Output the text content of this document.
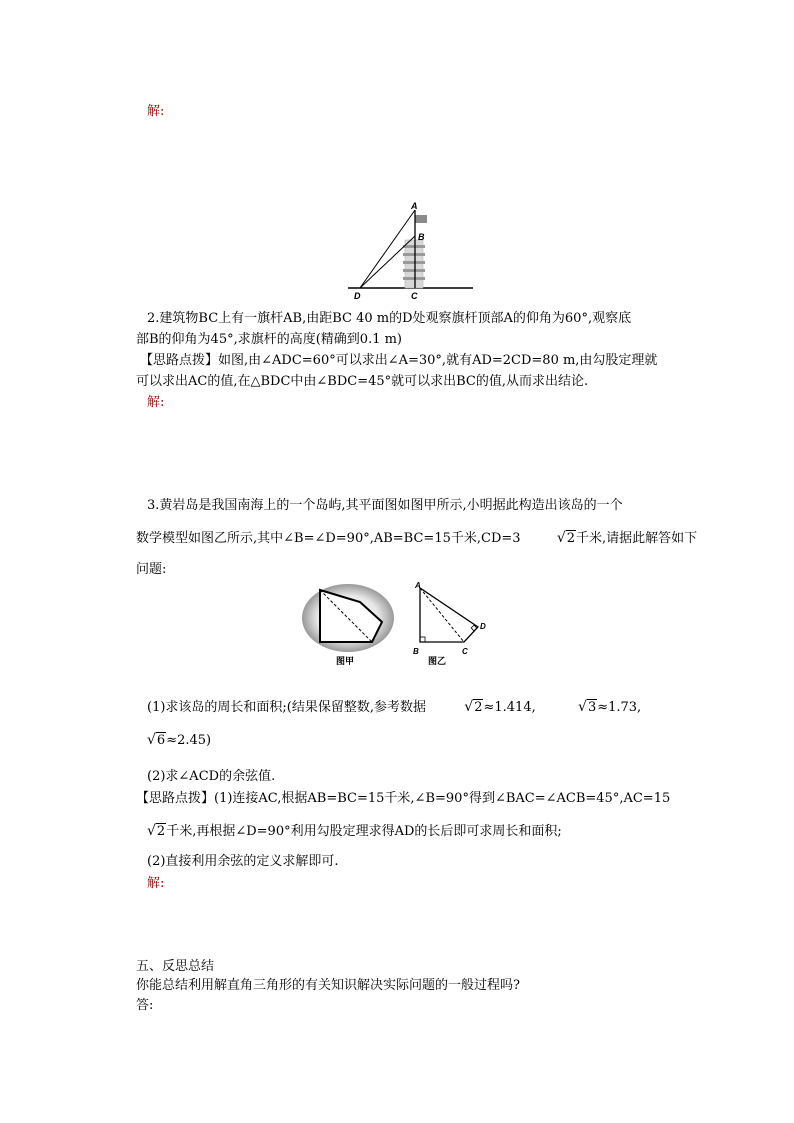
解:
A
B
D	C
2.建筑物BC上有一旗杆AB,由距BC 40 m的D处观察旗杆顶部A的仰角为60°,观察底
部B的仰角为45°,求旗杆的高度(精确到0.1 m)
【思路点拨】如图,由∠ADC=60°可以求出∠A=30°,就有AD=2CD=80 m,由勾股定理就
可以求出AC的值,在△BDC中由∠BDC=45°就可以求出BC的值,从而求出结论.
解:
3.黄岩岛是我国南海上的一个岛屿,其平面图如图甲所示,小明据此构造出该岛的一个
数学模型如图乙所示,其中∠B=∠D=90°,AB=BC=15千米,CD=3	√2千米,请据此解答如下
问题:
图甲
A
B	C
D
图乙
(1)求该岛的周长和面积;(结果保留整数,参考数据	√2≈1.414,	√3≈1.73,
√6≈2.45)
(2)求∠ACD的余弦值.
【思路点拨】(1)连接AC,根据AB=BC=15千米,∠B=90°得到∠BAC=∠ACB=45°,AC=15
√2千米,再根据∠D=90°利用勾股定理求得AD的长后即可求周长和面积;
(2)直接利用余弦的定义求解即可.
解:
五、反思总结
你能总结利用解直角三角形的有关知识解决实际问题的一般过程吗?
答:
